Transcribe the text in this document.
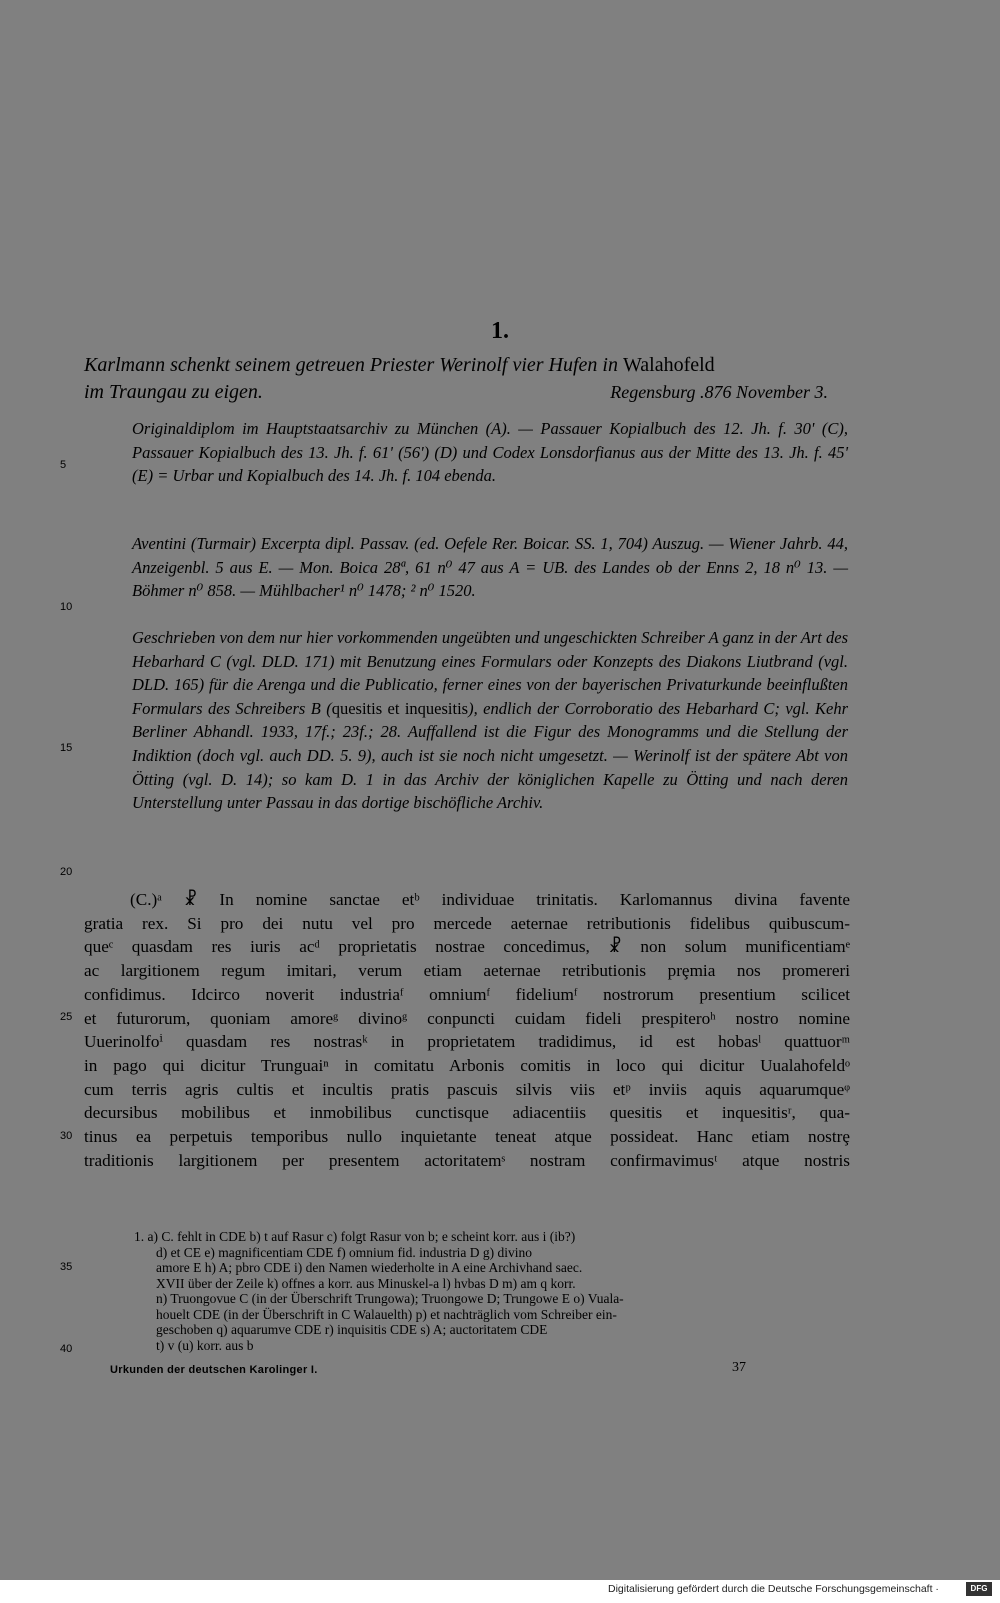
1.
Karlmann schenkt seinem getreuen Priester Werinolf vier Hufen in Walahofeld
im Traungau zu eigen.	Regensburg .876 November 3.
Originaldiplom im Hauptstaatsarchiv zu München (A). — Passauer Kopialbuch des 12. Jh. f. 30' (C), Passauer Kopialbuch des 13. Jh. f. 61' (56') (D) und Codex Lonsdorfianus aus der Mitte des 13. Jh. f. 45' (E) = Urbar und Kopialbuch des 14. Jh. f. 104 ebenda.
Aventini (Turmair) Excerpta dipl. Passav. (ed. Oefele Rer. Boicar. SS. 1, 704) Auszug. — Wiener Jahrb. 44, Anzeigenbl. 5 aus E. — Mon. Boica 28ª, 61 n⁰ 47 aus A = UB. des Landes ob der Enns 2, 18 n⁰ 13. — Böhmer n⁰ 858. — Mühlbacher¹ n⁰ 1478; ² n⁰ 1520.
Geschrieben von dem nur hier vorkommenden ungeübten und ungeschickten Schreiber A ganz in der Art des Hebarhard C (vgl. DLD. 171) mit Benutzung eines Formulars oder Konzepts des Diakons Liutbrand (vgl. DLD. 165) für die Arenga und die Publicatio, ferner eines von der bayerischen Privaturkunde beeinflußten Formulars des Schreibers B (quesitis et inquesitis), endlich der Corroboratio des Hebarhard C; vgl. Kehr Berliner Abhandl. 1933, 17f.; 23f.; 28. Auffallend ist die Figur des Monogramms und die Stellung der Indiktion (doch vgl. auch DD. 5. 9), auch ist sie noch nicht umgesetzt. — Werinolf ist der spätere Abt von Ötting (vgl. D. 14); so kam D. 1 in das Archiv der königlichen Kapelle zu Ötting und nach deren Unterstellung unter Passau in das dortige bischöfliche Archiv.
(C.)ᵃ ☧ In nomine sanctae etᵇ individuae trinitatis. Karlomannus divina favente
gratia rex. Si pro dei nutu vel pro mercede aeternae retributionis fidelibus quibuscum-
queᶜ quasdam res iuris acᵈ proprietatis nostrae concedimus, ☧ non solum munificentiamᵉ
ac largitionem regum imitari, verum etiam aeternae retributionis prȩmia nos promereri
confidimus. Idcirco noverit industriaᶠ omniumᶠ fideliumᶠ nostrorum presentium scilicet
et futurorum, quoniam amoreᵍ divinoᵍ conpuncti cuidam fideli prespiteroʰ nostro nomine
Uuerinolfoⁱ quasdam res nostrasᵏ in proprietatem tradidimus, id est hobasˡ quattuorᵐ
in pago qui dicitur Trunguaiⁿ in comitatu Arbonis comitis in loco qui dicitur Uualahofeldᵒ
cum terris agris cultis et incultis pratis pascuis silvis viis etᵖ inviis aquis aquarumqueᵠ
decursibus mobilibus et inmobilibus cunctisque adiacentiis quesitis et inquesitisʳ, qua-
tinus ea perpetuis temporibus nullo inquietante teneat atque possideat. Hanc etiam nostrȩ
traditionis largitionem per presentem actoritatemˢ nostram confirmavimusᵗ atque nostris
1. a) C. fehlt in CDE b) t auf Rasur c) folgt Rasur von b; e scheint korr. aus i (ib?)
d) et CE e) magnificentiam CDE f) omnium fid. industria D g) divino
amore E h) A; pbro CDE i) den Namen wiederholte in A eine Archivhand saec.
XVII über der Zeile k) offnes a korr. aus Minuskel-a l) hvbas D m) am q korr.
n) Truongovue C (in der Überschrift Trungowa); Truongowe D; Trungowe E o) Vuala-
houelt CDE (in der Überschrift in C Walauelth) p) et nachträglich vom Schreiber ein-
geschoben q) aquarumve CDE r) inquisitis CDE s) A; auctoritatem CDE
t) v (u) korr. aus b
5
10
15
20
25
30
35
40
Urkunden der deutschen Karolinger I.	37
Digitalisierung gefördert durch die Deutsche Forschungsgemeinschaft ·	DFG
